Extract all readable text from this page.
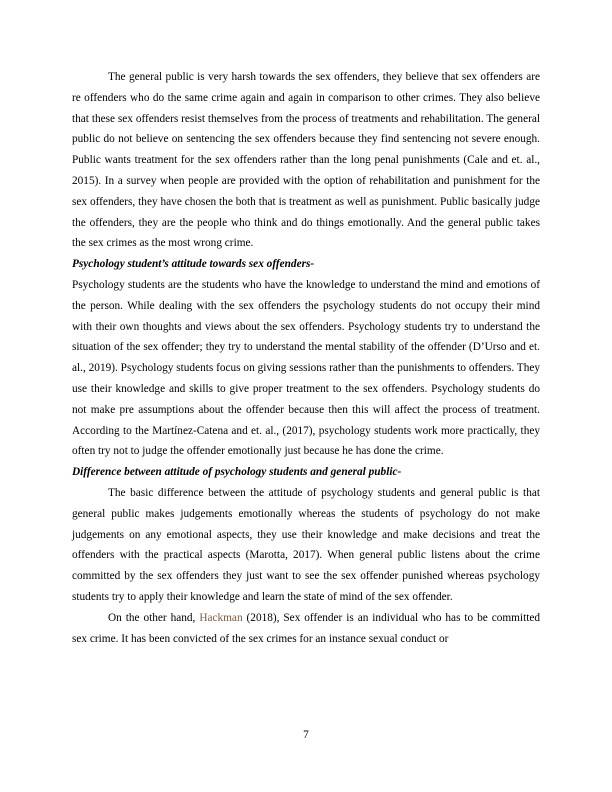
The general public is very harsh towards the sex offenders, they believe that sex offenders are re offenders who do the same crime again and again in comparison to other crimes. They also believe that these sex offenders resist themselves from the process of treatments and rehabilitation. The general public do not believe on sentencing the sex offenders because they find sentencing not severe enough. Public wants treatment for the sex offenders rather than the long penal punishments (Cale and et. al., 2015). In a survey when people are provided with the option of rehabilitation and punishment for the sex offenders, they have chosen the both that is treatment as well as punishment. Public basically judge the offenders, they are the people who think and do things emotionally. And the general public takes the sex crimes as the most wrong crime.

Psychology student’s attitude towards sex offenders-

Psychology students are the students who have the knowledge to understand the mind and emotions of the person. While dealing with the sex offenders the psychology students do not occupy their mind with their own thoughts and views about the sex offenders. Psychology students try to understand the situation of the sex offender; they try to understand the mental stability of the offender (D’Urso and et. al., 2019). Psychology students focus on giving sessions rather than the punishments to offenders. They use their knowledge and skills to give proper treatment to the sex offenders. Psychology students do not make pre assumptions about the offender because then this will affect the process of treatment. According to the Martínez-Catena and et. al., (2017), psychology students work more practically, they often try not to judge the offender emotionally just because he has done the crime.

Difference between attitude of psychology students and general public-

The basic difference between the attitude of psychology students and general public is that general public makes judgements emotionally whereas the students of psychology do not make judgements on any emotional aspects, they use their knowledge and make decisions and treat the offenders with the practical aspects (Marotta, 2017). When general public listens about the crime committed by the sex offenders they just want to see the sex offender punished whereas psychology students try to apply their knowledge and learn the state of mind of the sex offender.

On the other hand, Hackman (2018), Sex offender is an individual who has to be committed sex crime. It has been convicted of the sex crimes for an instance sexual conduct or

7
